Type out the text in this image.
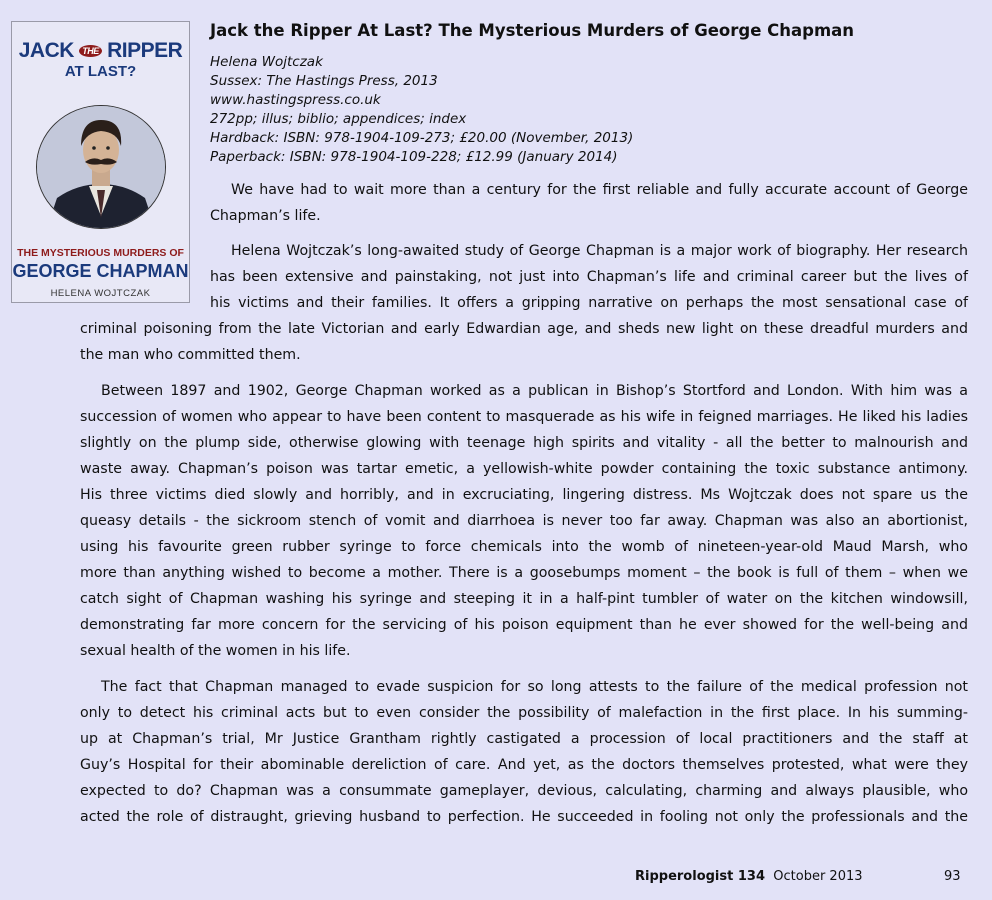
JACK THE RIPPER
AT LAST?
THE MYSTERIOUS MURDERS OF
GEORGE CHAPMAN
HELENA WOJTCZAK
Jack the Ripper At Last? The Mysterious Murders of George Chapman
Helena Wojtczak
Sussex: The Hastings Press, 2013
www.hastingspress.co.uk
272pp; illus; biblio; appendices; index
Hardback: ISBN: 978-1904-109-273; £20.00 (November, 2013)
Paperback: ISBN: 978-1904-109-228; £12.99 (January 2014)
We have had to wait more than a century for the first reliable and fully accurate account of George
Chapman’s life.
Helena Wojtczak’s long-awaited study of George Chapman is a major work of biography. Her research
has been extensive and painstaking, not just into Chapman’s life and criminal career but the lives of
his victims and their families. It offers a gripping narrative on perhaps the most sensational case of
criminal poisoning from the late Victorian and early Edwardian age, and sheds new light on these dreadful murders and
the man who committed them.
Between 1897 and 1902, George Chapman worked as a publican in Bishop’s Stortford and London. With him was a
succession of women who appear to have been content to masquerade as his wife in feigned marriages. He liked his ladies
slightly on the plump side, otherwise glowing with teenage high spirits and vitality - all the better to malnourish and
waste away. Chapman’s poison was tartar emetic, a yellowish-white powder containing the toxic substance antimony.
His three victims died slowly and horribly, and in excruciating, lingering distress. Ms Wojtczak does not spare us the
queasy details - the sickroom stench of vomit and diarrhoea is never too far away. Chapman was also an abortionist,
using his favourite green rubber syringe to force chemicals into the womb of nineteen-year-old Maud Marsh, who
more than anything wished to become a mother. There is a goosebumps moment – the book is full of them – when we
catch sight of Chapman washing his syringe and steeping it in a half-pint tumbler of water on the kitchen windowsill,
demonstrating far more concern for the servicing of his poison equipment than he ever showed for the well-being and
sexual health of the women in his life.
The fact that Chapman managed to evade suspicion for so long attests to the failure of the medical profession not
only to detect his criminal acts but to even consider the possibility of malefaction in the first place. In his summing-
up at Chapman’s trial, Mr Justice Grantham rightly castigated a procession of local practitioners and the staff at
Guy’s Hospital for their abominable dereliction of care. And yet, as the doctors themselves protested, what were they
expected to do? Chapman was a consummate gameplayer, devious, calculating, charming and always plausible, who
acted the role of distraught, grieving husband to perfection. He succeeded in fooling not only the professionals and the
Ripperologist 134 October 2013	93
